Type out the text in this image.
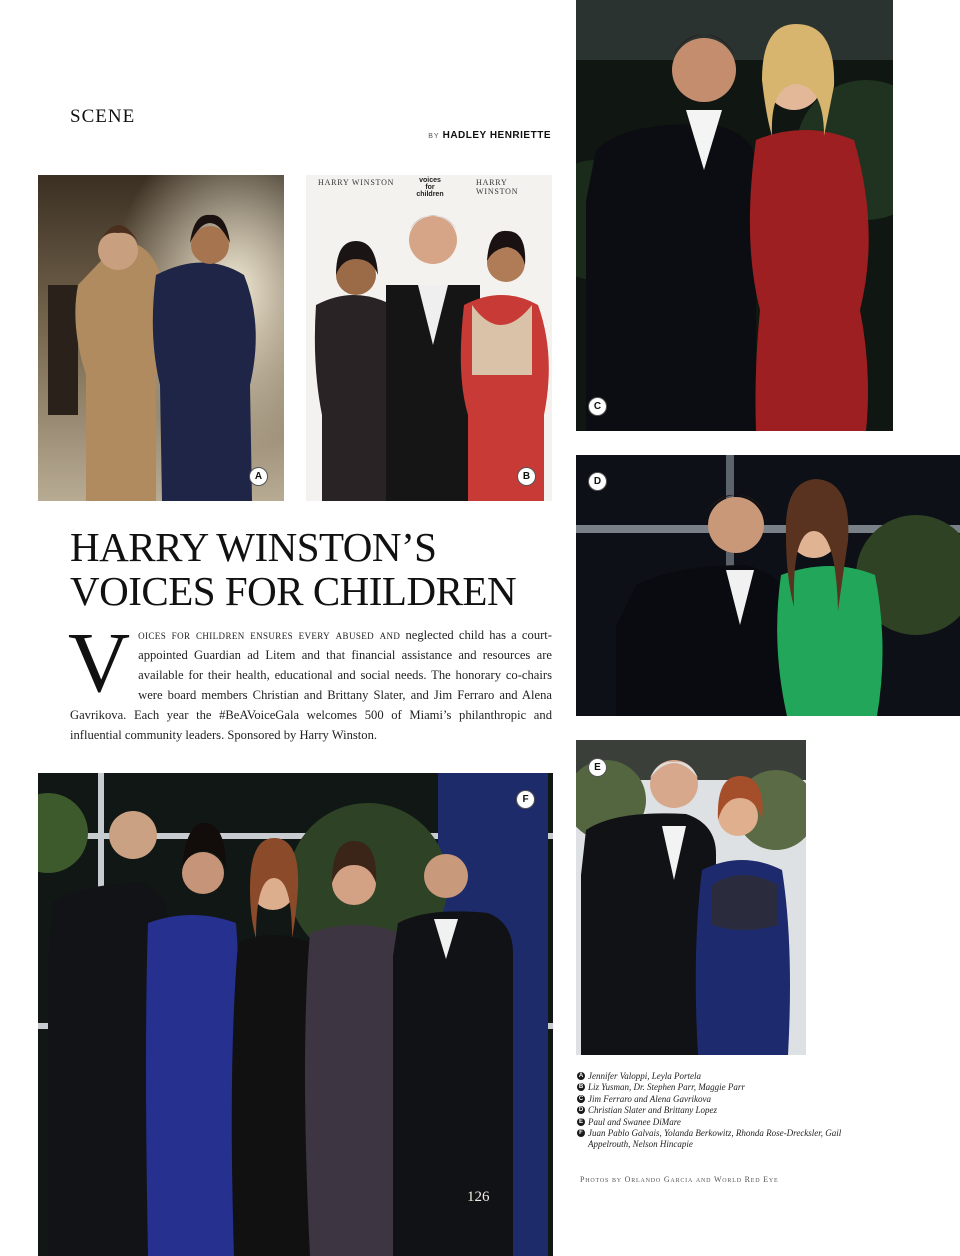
SCENE
BY HADLEY HENRIETTE
A
HARRY WINSTON	HARRY WINSTON
voices for
children
B
C
D
HARRY WINSTON’S
VOICES FOR CHILDREN
Voices for children ensures every abused and neglected child has a court-appointed Guardian ad Litem and that financial assistance and resources are available for their health, educational and social needs. The honorary co-chairs were board members Christian and Brittany Slater, and Jim Ferraro and Alena Gavrikova. Each year the #BeAVoiceGala welcomes 500 of Miami’s philanthropic and influential community leaders. Sponsored by Harry Winston.
E
F
126
A Jennifer Valoppi, Leyla Portela
B Liz Yusman, Dr. Stephen Parr, Maggie Parr
C Jim Ferraro and Alena Gavrikova
D Christian Slater and Brittany Lopez
E Paul and Swanee DiMare
F Juan Pablo Galvais, Yolanda Berkowitz, Rhonda Rose-Drecksler, Gail Appelrouth, Nelson Hincapie
Photos by Orlando Garcia and World Red Eye
